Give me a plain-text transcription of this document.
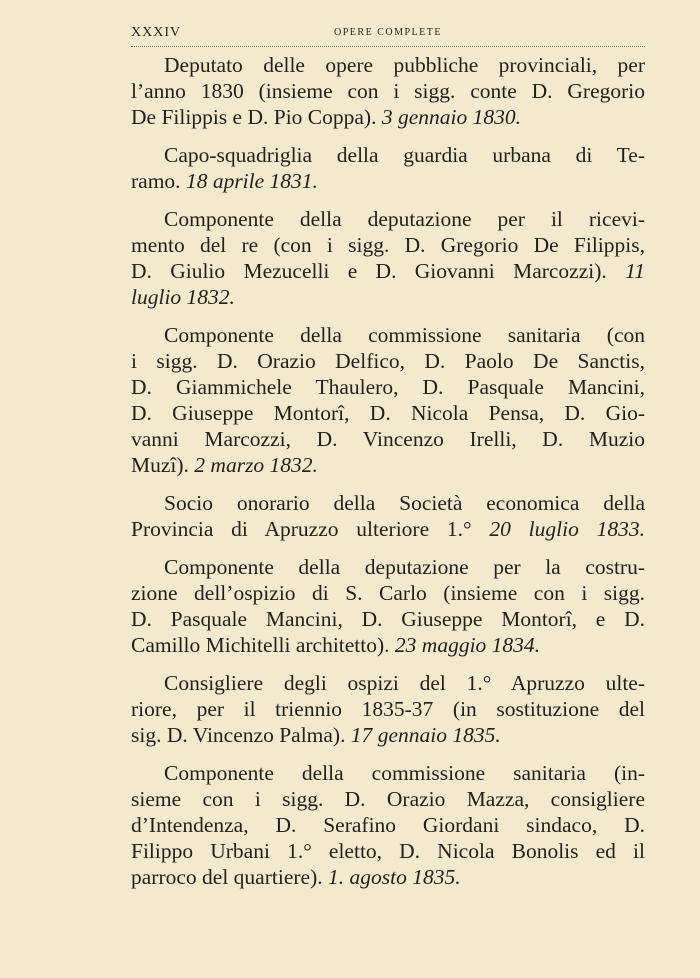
XXXIV	OPERE COMPLETE
Deputato delle opere pubbliche provinciali, per
l’anno 1830 (insieme con i sigg. conte D. Gregorio
De Filippis e D. Pio Coppa). 3 gennaio 1830.
Capo-squadriglia della guardia urbana di Te-
ramo. 18 aprile 1831.
Componente della deputazione per il ricevi-
mento del re (con i sigg. D. Gregorio De Filippis,
D. Giulio Mezucelli e D. Giovanni Marcozzi). 11
luglio 1832.
Componente della commissione sanitaria (con
i sigg. D. Orazio Delfico, D. Paolo De Sanctis,
D. Giammichele Thaulero, D. Pasquale Mancini,
D. Giuseppe Montorî, D. Nicola Pensa, D. Gio-
vanni Marcozzi, D. Vincenzo Irelli, D. Muzio
Muzî). 2 marzo 1832.
Socio onorario della Società economica della
Provincia di Apruzzo ulteriore 1.° 20 luglio 1833.
Componente della deputazione per la costru-
zione dell’ospizio di S. Carlo (insieme con i sigg.
D. Pasquale Mancini, D. Giuseppe Montorî, e D.
Camillo Michitelli architetto). 23 maggio 1834.
Consigliere degli ospizi del 1.° Apruzzo ulte-
riore, per il triennio 1835-37 (in sostituzione del
sig. D. Vincenzo Palma). 17 gennaio 1835.
Componente della commissione sanitaria (in-
sieme con i sigg. D. Orazio Mazza, consigliere
d’Intendenza, D. Serafino Giordani sindaco, D.
Filippo Urbani 1.° eletto, D. Nicola Bonolis ed il
parroco del quartiere). 1. agosto 1835.
